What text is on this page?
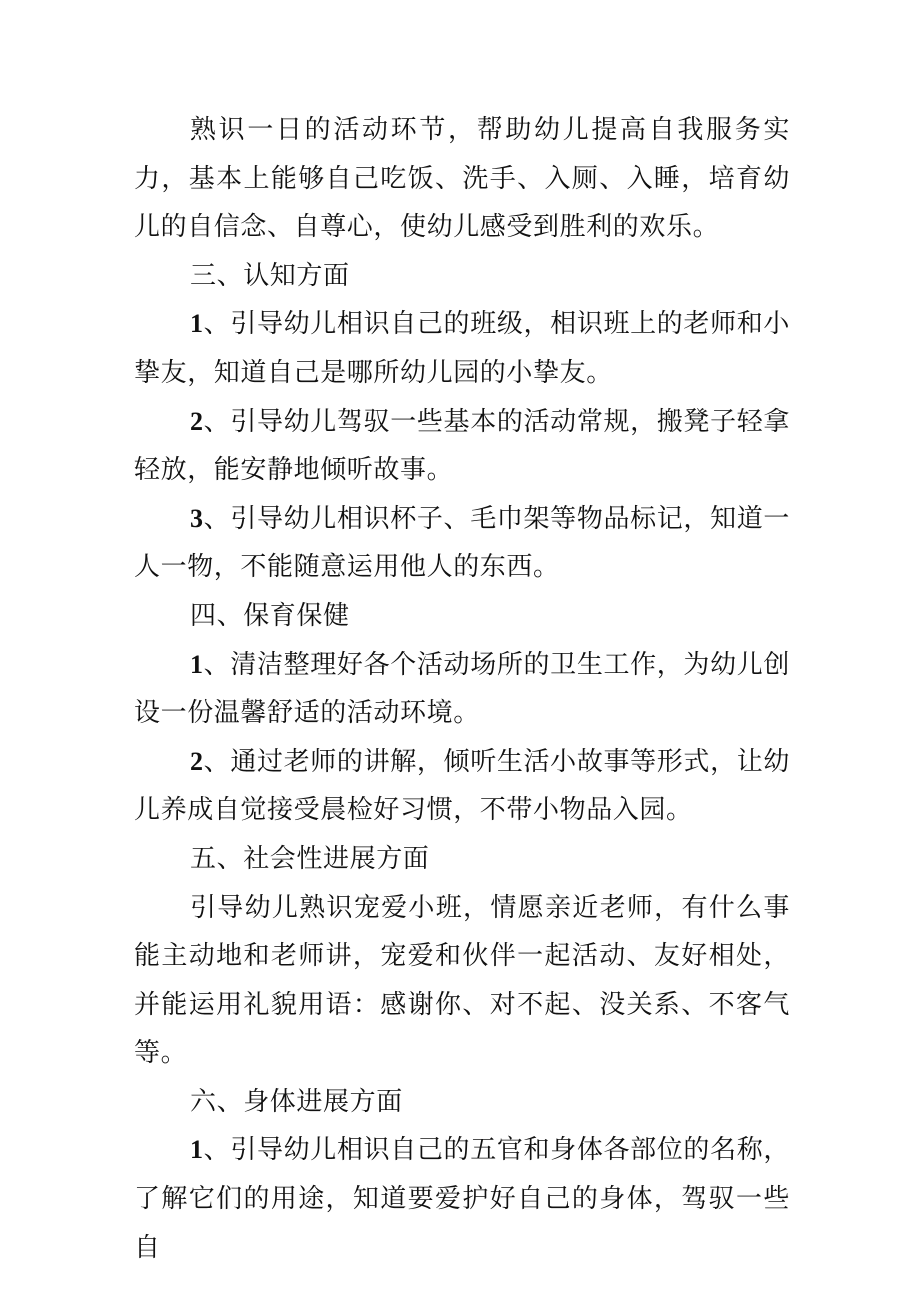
熟识一日的活动环节，帮助幼儿提高自我服务实力，基本上能够自己吃饭、洗手、入厕、入睡，培育幼儿的自信念、自尊心，使幼儿感受到胜利的欢乐。

三、认知方面

1、引导幼儿相识自己的班级，相识班上的老师和小挚友，知道自己是哪所幼儿园的小挚友。

2、引导幼儿驾驭一些基本的活动常规，搬凳子轻拿轻放，能安静地倾听故事。

3、引导幼儿相识杯子、毛巾架等物品标记，知道一人一物，不能随意运用他人的东西。

四、保育保健

1、清洁整理好各个活动场所的卫生工作，为幼儿创设一份温馨舒适的活动环境。

2、通过老师的讲解，倾听生活小故事等形式，让幼儿养成自觉接受晨检好习惯，不带小物品入园。

五、社会性进展方面

引导幼儿熟识宠爱小班，情愿亲近老师，有什么事能主动地和老师讲，宠爱和伙伴一起活动、友好相处，并能运用礼貌用语：感谢你、对不起、没关系、不客气等。

六、身体进展方面

1、引导幼儿相识自己的五官和身体各部位的名称，了解它们的用途，知道要爱护好自己的身体，驾驭一些自
